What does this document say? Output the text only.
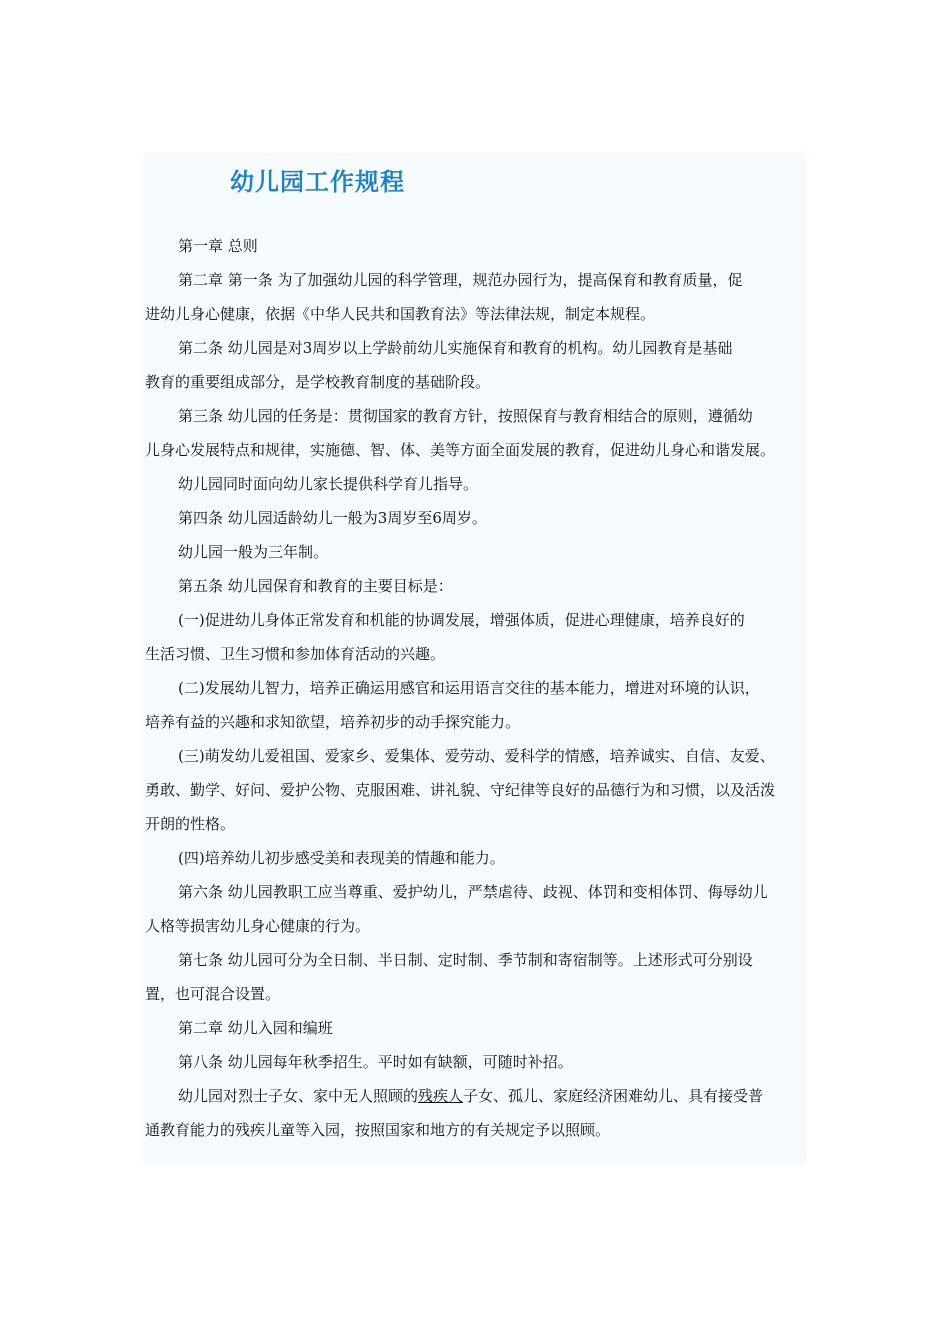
幼儿园工作规程
第一章 总则
第二章 第一条 为了加强幼儿园的科学管理，规范办园行为，提高保育和教育质量，促
进幼儿身心健康，依据《中华人民共和国教育法》等法律法规，制定本规程。
第二条 幼儿园是对3周岁以上学龄前幼儿实施保育和教育的机构。幼儿园教育是基础
教育的重要组成部分，是学校教育制度的基础阶段。
第三条 幼儿园的任务是：贯彻国家的教育方针，按照保育与教育相结合的原则，遵循幼
儿身心发展特点和规律，实施德、智、体、美等方面全面发展的教育，促进幼儿身心和谐发展。
幼儿园同时面向幼儿家长提供科学育儿指导。
第四条 幼儿园适龄幼儿一般为3周岁至6周岁。
幼儿园一般为三年制。
第五条 幼儿园保育和教育的主要目标是：
(一)促进幼儿身体正常发育和机能的协调发展，增强体质，促进心理健康，培养良好的
生活习惯、卫生习惯和参加体育活动的兴趣。
(二)发展幼儿智力，培养正确运用感官和运用语言交往的基本能力，增进对环境的认识，
培养有益的兴趣和求知欲望，培养初步的动手探究能力。
(三)萌发幼儿爱祖国、爱家乡、爱集体、爱劳动、爱科学的情感，培养诚实、自信、友爱、
勇敢、勤学、好问、爱护公物、克服困难、讲礼貌、守纪律等良好的品德行为和习惯，以及活泼
开朗的性格。
(四)培养幼儿初步感受美和表现美的情趣和能力。
第六条 幼儿园教职工应当尊重、爱护幼儿，严禁虐待、歧视、体罚和变相体罚、侮辱幼儿
人格等损害幼儿身心健康的行为。
第七条 幼儿园可分为全日制、半日制、定时制、季节制和寄宿制等。上述形式可分别设
置，也可混合设置。
第二章 幼儿入园和编班
第八条 幼儿园每年秋季招生。平时如有缺额，可随时补招。
幼儿园对烈士子女、家中无人照顾的残疾人子女、孤儿、家庭经济困难幼儿、具有接受普
通教育能力的残疾儿童等入园，按照国家和地方的有关规定予以照顾。
